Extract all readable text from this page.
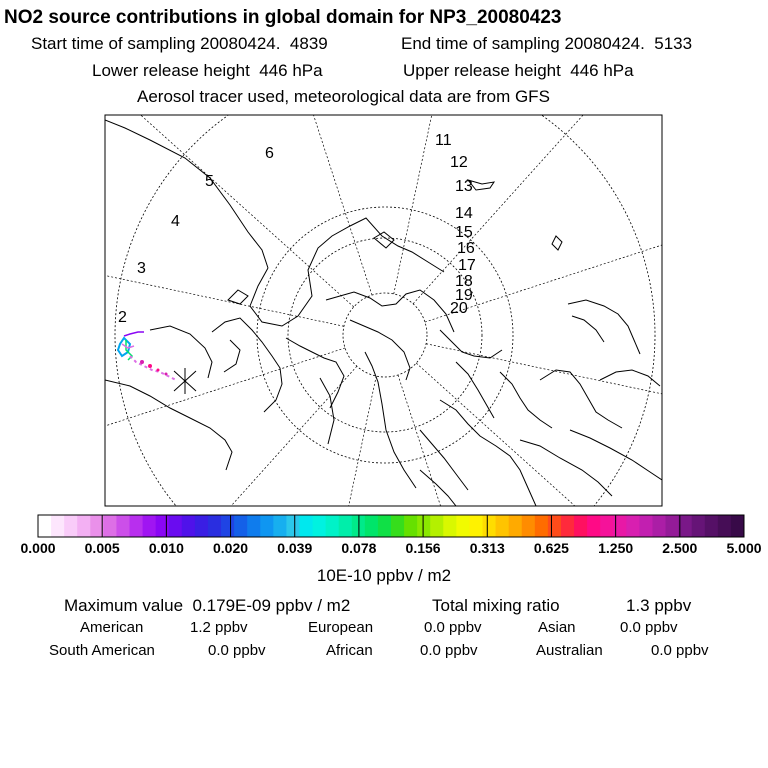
NO2 source contributions in global domain for NP3_20080423
Start time of sampling 20080424.  4839	End time of sampling 20080424.  5133
Lower release height  446 hPa	Upper release height  446 hPa
Aerosol tracer used, meteorological data are from GFS
2
3
4
5
6
11
12
13
14
15
16
17
18
19
20
0.000 0.005 0.010 0.020 0.039 0.078 0.156 0.313 0.625 1.250 2.500 5.000
10E-10 ppbv / m2
Maximum value  0.179E-09 ppbv / m2	Total mixing ratio	1.3 ppbv
American	1.2 ppbv	European	0.0 ppbv	Asian	0.0 ppbv
South American	0.0 ppbv	African	0.0 ppbv	Australian	0.0 ppbv
